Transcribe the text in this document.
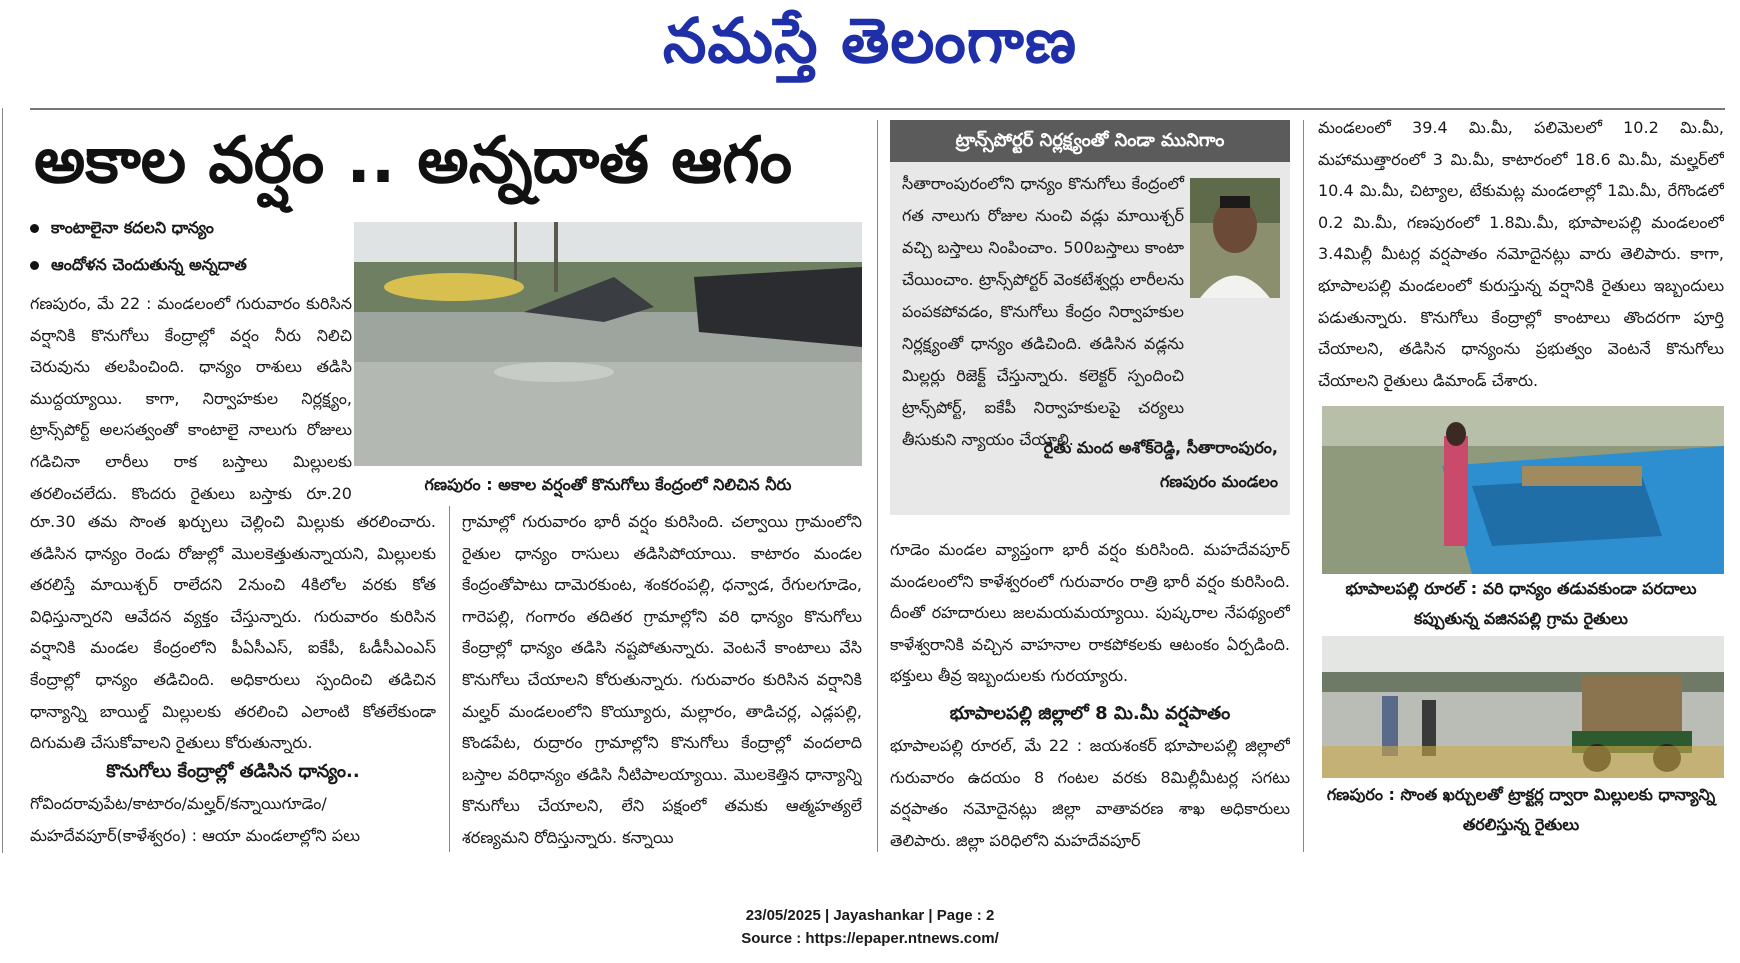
నమస్తే తెలంగాణ
అకాల వర్షం .. అన్నదాత ఆగం
కాంటాలైనా కదలని ధాన్యం
ఆందోళన చెందుతున్న అన్నదాత

గణపురం, మే 22 : మండలంలో గురువారం కురిసిన వర్షానికి కొనుగోలు కేంద్రాల్లో వర్షం నీరు నిలిచి చెరువును తలపించింది. ధాన్యం రాశులు తడిసి ముద్దయ్యాయి. కాగా, నిర్వాహకుల నిర్లక్ష్యం, ట్రాన్స్‌పోర్ట్ అలసత్వంతో కాంటాలై నాలుగు రోజులు గడిచినా లారీలు రాక బస్తాలు మిల్లులకు తరలించలేదు. కొందరు రైతులు బస్తాకు రూ.20	గణపురం : అకాల వర్షంతో కొనుగోలు కేంద్రంలో నిలిచిన నీరు

రూ.30 తమ సొంత ఖర్చులు చెల్లించి మిల్లుకు తరలించారు. తడిసిన ధాన్యం రెండు రోజుల్లో మొలకెత్తుతున్నాయని, మిల్లులకు తరలిస్తే మాయిశ్చర్ రాలేదని 2నుంచి 4కిలోల వరకు కోత విధిస్తున్నారని ఆవేదన వ్యక్తం చేస్తున్నారు. గురువారం కురిసిన వర్షానికి మండల కేంద్రంలోని పీఏసీఎస్, ఐకేపీ, ఓడీసీఎంఎస్ కేంద్రాల్లో ధాన్యం తడిచింది. అధికారులు స్పందించి తడిచిన ధాన్యాన్ని బాయిల్డ్ మిల్లులకు తరలించి ఎలాంటి కోతలేకుండా దిగుమతి చేసుకోవాలని రైతులు కోరుతున్నారు.

కొనుగోలు కేంద్రాల్లో తడిసిన ధాన్యం..

గోవిందరావుపేట/కాటారం/మల్హర్/కన్నాయిగూడెం/మహదేవపూర్(కాళేశ్వరం) : ఆయా మండలాల్లోని పలు

గ్రామాల్లో గురువారం భారీ వర్షం కురిసింది. చల్వాయి గ్రామంలోని రైతుల ధాన్యం రాసులు తడిసిపోయాయి. కాటారం మండల కేంద్రంతోపాటు దామెరకుంట, శంకరంపల్లి, ధన్వాడ, రేగులగూడెం, గారెపల్లి, గంగారం తదితర గ్రామాల్లోని వరి ధాన్యం కొనుగోలు కేంద్రాల్లో ధాన్యం తడిసి నష్టపోతున్నారు. వెంటనే కాంటాలు వేసి కొనుగోలు చేయాలని కోరుతున్నారు. గురువారం కురిసిన వర్షానికి మల్హర్ మండలంలోని కొయ్యూరు, మల్లారం, తాడిచర్ల, ఎడ్లపల్లి, కొండపేట, రుద్రారం గ్రామాల్లోని కొనుగోలు కేంద్రాల్లో వందలాది బస్తాల వరిధాన్యం తడిసి నీటిపాలయ్యాయి. మొలకెత్తిన ధాన్యాన్ని కొనుగోలు చేయాలని, లేని పక్షంలో తమకు ఆత్మహత్యలే శరణ్యమని రోదిస్తున్నారు. కన్నాయి

ట్రాన్స్‌పోర్టర్ నిర్లక్ష్యంతో నిండా మునిగాం
సీతారాంపురంలోని ధాన్యం కొనుగోలు కేంద్రంలో గత నాలుగు రోజుల నుంచి వడ్లు మాయిశ్చర్ వచ్చి బస్తాలు నింపించాం. 500బస్తాలు కాంటా చేయించాం. ట్రాన్స్‌పోర్టర్ వెంకటేశ్వర్లు లారీలను పంపకపోవడం, కొనుగోలు కేంద్రం నిర్వాహకుల నిర్లక్ష్యంతో ధాన్యం తడిచింది. తడిసిన వడ్లను మిల్లర్లు రిజెక్ట్ చేస్తున్నారు. కలెక్టర్ స్పందించి ట్రాన్స్‌పోర్ట్, ఐకేపీ నిర్వాహకులపై చర్యలు తీసుకుని న్యాయం చేయాలి.
రైతు మంద అశోక్‌రెడ్డి, సీతారాంపురం,
గణపురం మండలం

గూడెం మండల వ్యాప్తంగా భారీ వర్షం కురిసింది. మహదేవపూర్ మండలంలోని కాళేశ్వరంలో గురువారం రాత్రి భారీ వర్షం కురిసింది. దీంతో రహదారులు జలమయమయ్యాయి. పుష్కరాల నేపథ్యంలో కాళేశ్వరానికి వచ్చిన వాహనాల రాకపోకలకు ఆటంకం ఏర్పడింది. భక్తులు తీవ్ర ఇబ్బందులకు గురయ్యారు.

భూపాలపల్లి జిల్లాలో 8 మి.మీ వర్షపాతం

భూపాలపల్లి రూరల్, మే 22 : జయశంకర్ భూపాలపల్లి జిల్లాలో గురువారం ఉదయం 8 గంటల వరకు 8మిల్లీమీటర్ల సగటు వర్షపాతం నమోదైనట్లు జిల్లా వాతావరణ శాఖ అధికారులు తెలిపారు. జిల్లా పరిధిలోని మహదేవపూర్

మండలంలో 39.4 మి.మీ, పలిమెలలో 10.2 మి.మీ, మహాముత్తారంలో 3 మి.మీ, కాటారంలో 18.6 మి.మీ, మల్హర్‌లో 10.4 మి.మీ, చిట్యాల, టేకుమట్ల మండలాల్లో 1మి.మీ, రేగొండలో 0.2 మి.మీ, గణపురంలో 1.8మి.మీ, భూపాలపల్లి మండలంలో 3.4మిల్లీ మీటర్ల వర్షపాతం నమోదైనట్లు వారు తెలిపారు. కాగా, భూపాలపల్లి మండలంలో కురుస్తున్న వర్షానికి రైతులు ఇబ్బందులు పడుతున్నారు. కొనుగోలు కేంద్రాల్లో కాంటాలు తొందరగా పూర్తి చేయాలని, తడిసిన ధాన్యంను ప్రభుత్వం వెంటనే కొనుగోలు చేయాలని రైతులు డిమాండ్ చేశారు.

భూపాలపల్లి రూరల్ : వరి ధాన్యం తడువకుండా పరదాలు కప్పుతున్న వజినపల్లి గ్రామ రైతులు
గణపురం : సొంత ఖర్చులతో ట్రాక్టర్ల ద్వారా మిల్లులకు ధాన్యాన్ని తరలిస్తున్న రైతులు
23/05/2025 | Jayashankar | Page : 2
Source : https://epaper.ntnews.com/
